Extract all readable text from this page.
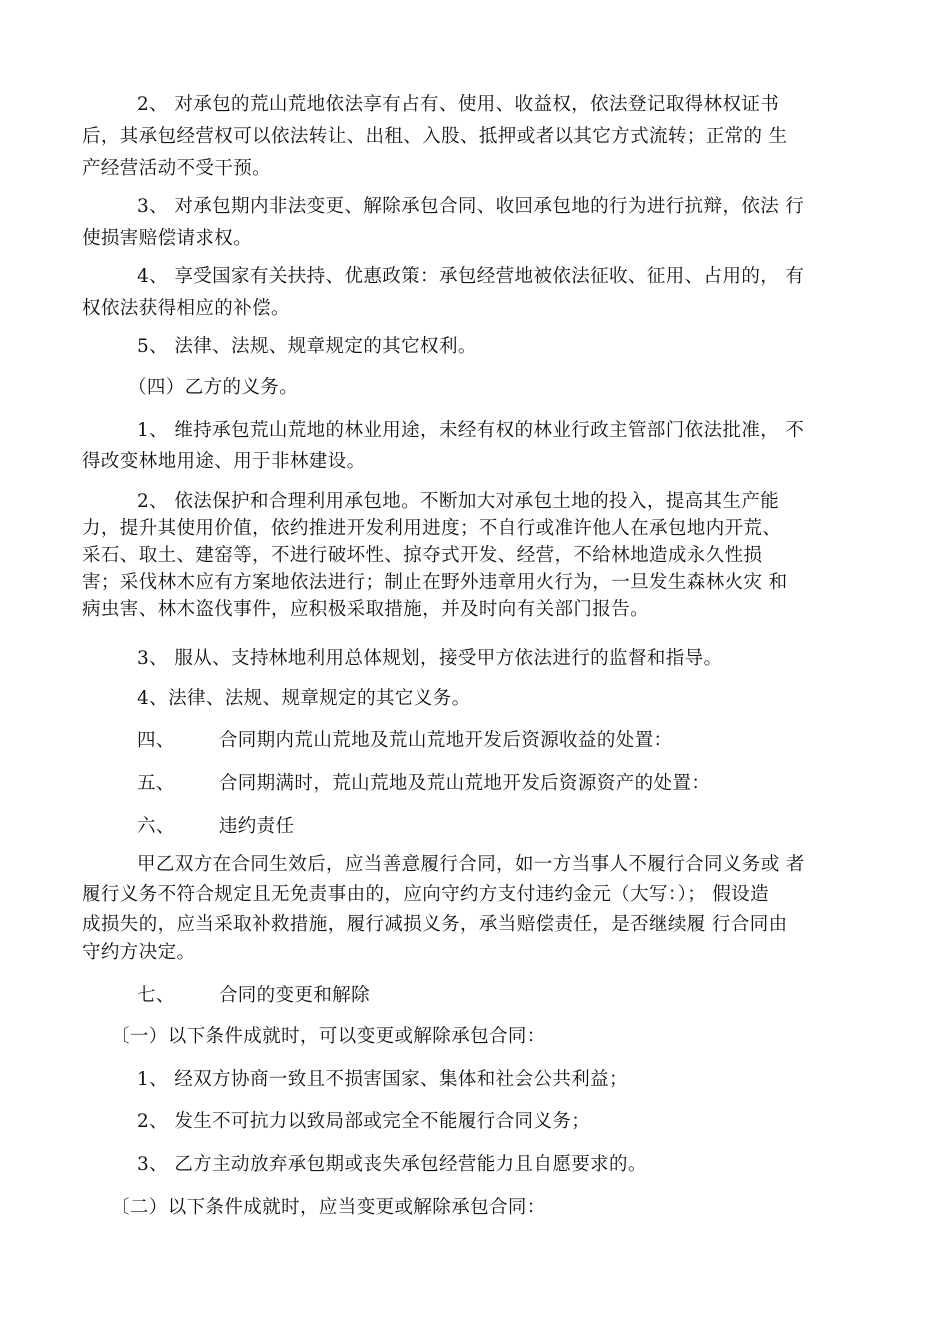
2、 对承包的荒山荒地依法享有占有、使用、收益权，依法登记取得林权证书
后，其承包经营权可以依法转让、出租、入股、抵押或者以其它方式流转；正常的 生
产经营活动不受干预。
3、 对承包期内非法变更、解除承包合同、收回承包地的行为进行抗辩，依法 行
使损害赔偿请求权。
4、 享受国家有关扶持、优惠政策：承包经营地被依法征收、征用、占用的， 有
权依法获得相应的补偿。
5、 法律、法规、规章规定的其它权利。
（四）乙方的义务。
1、 维持承包荒山荒地的林业用途，未经有权的林业行政主管部门依法批准， 不
得改变林地用途、用于非林建设。
2、 依法保护和合理利用承包地。不断加大对承包土地的投入，提高其生产能
力，提升其使用价值，依约推进开发利用进度；不自行或准许他人在承包地内开荒、
采石、取土、建窑等，不进行破坏性、掠夺式开发、经营，不给林地造成永久性损
害；采伐林木应有方案地依法进行；制止在野外违章用火行为，一旦发生森林火灾 和
病虫害、林木盗伐事件，应积极采取措施，并及时向有关部门报告。
3、 服从、支持林地利用总体规划，接受甲方依法进行的监督和指导。
4、法律、法规、规章规定的其它义务。
四、 合同期内荒山荒地及荒山荒地开发后资源收益的处置：
五、 合同期满时，荒山荒地及荒山荒地开发后资源资产的处置：
六、 违约责任
甲乙双方在合同生效后，应当善意履行合同，如一方当事人不履行合同义务或 者
履行义务不符合规定且无免责事由的，应向守约方支付违约金元（大写：）； 假设造
成损失的，应当采取补救措施，履行减损义务，承当赔偿责任，是否继续履 行合同由
守约方决定。
七、 合同的变更和解除
〔一）以下条件成就时，可以变更或解除承包合同：
1、 经双方协商一致且不损害国家、集体和社会公共利益；
2、 发生不可抗力以致局部或完全不能履行合同义务；
3、 乙方主动放弃承包期或丧失承包经营能力且自愿要求的。
〔二）以下条件成就时，应当变更或解除承包合同：
